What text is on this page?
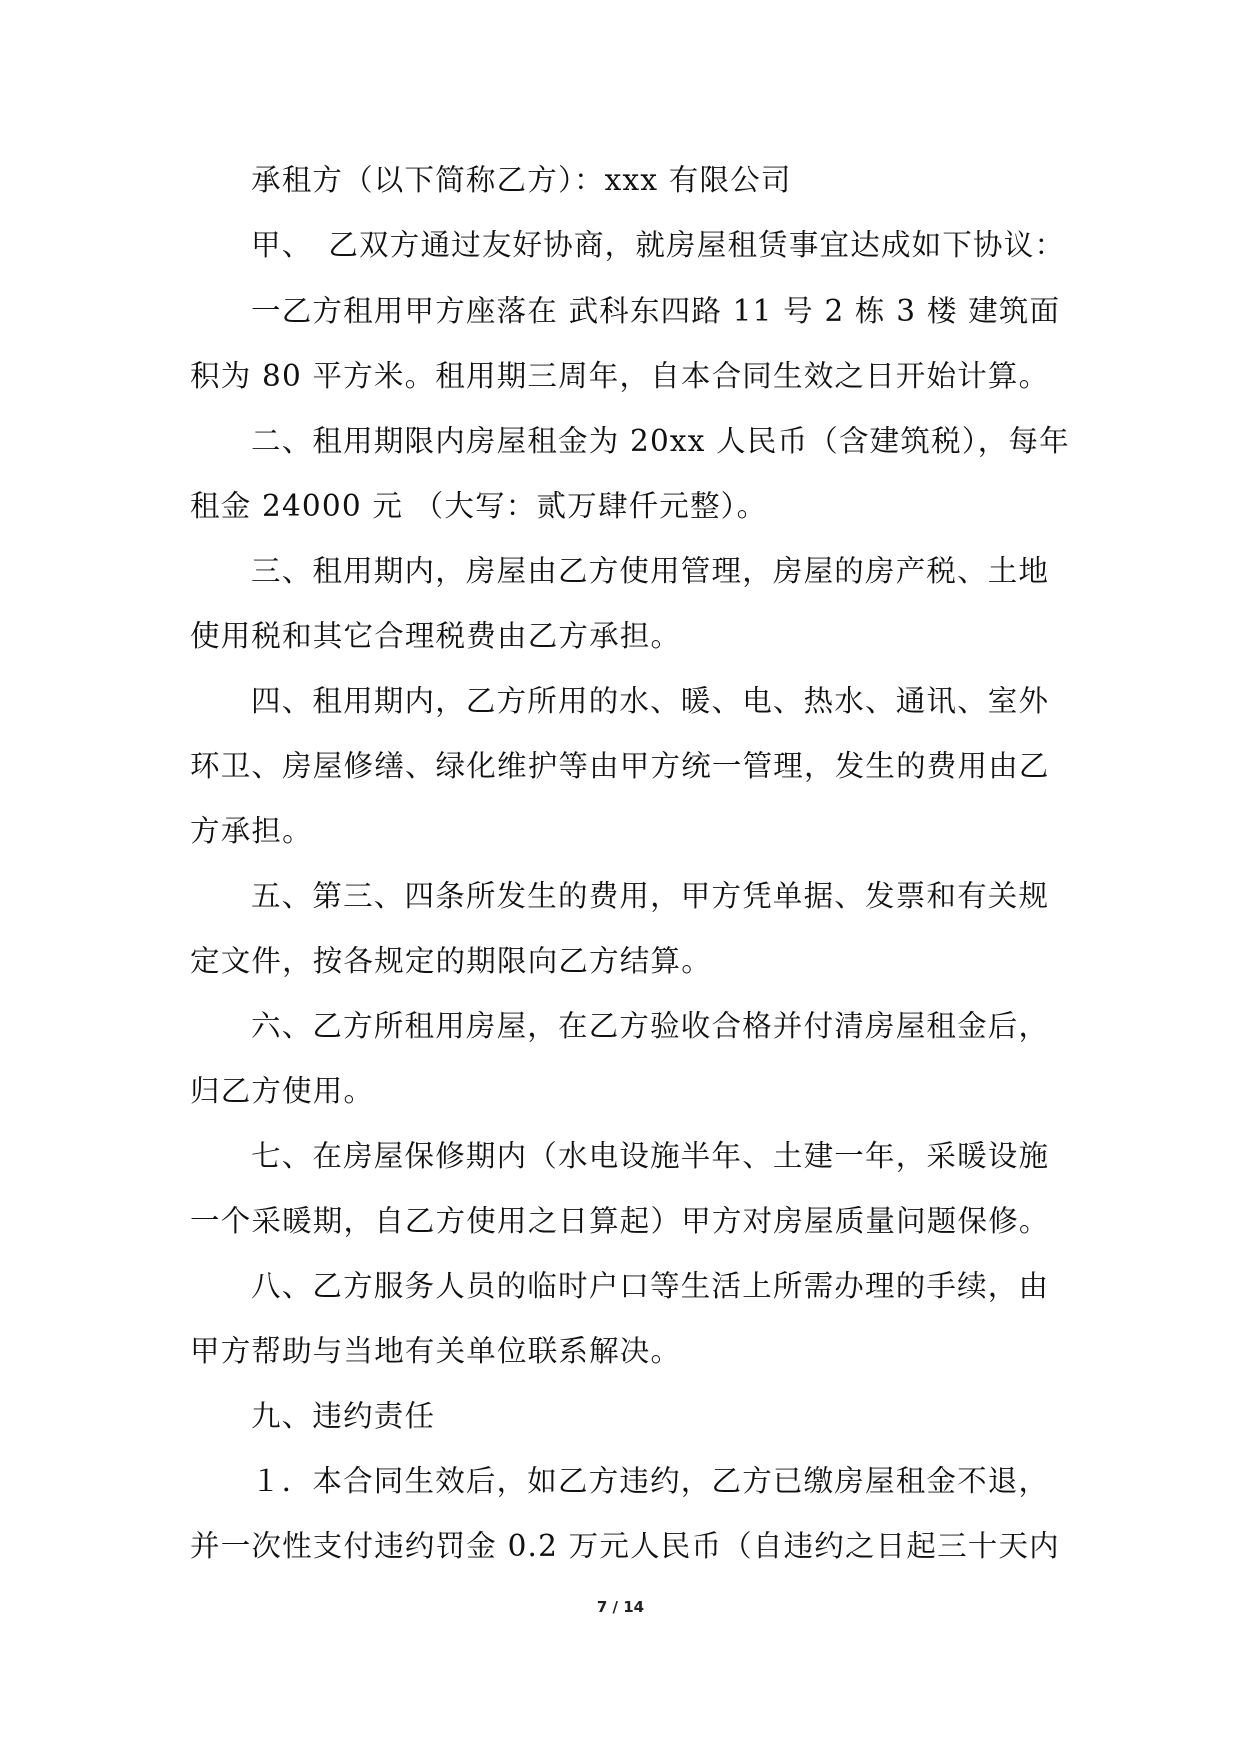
承租方（以下简称乙方）：xxx 有限公司
甲、　乙双方通过友好协商，就房屋租赁事宜达成如下协议：
一乙方租用甲方座落在 武科东四路 11 号 2 栋 3 楼 建筑面
积为 80 平方米。租用期三周年，自本合同生效之日开始计算。
二、租用期限内房屋租金为 20xx 人民币（含建筑税），每年
租金 24000 元 （大写：贰万肆仟元整）。
三、租用期内，房屋由乙方使用管理，房屋的房产税、土地
使用税和其它合理税费由乙方承担。
四、租用期内，乙方所用的水、暖、电、热水、通讯、室外
环卫、房屋修缮、绿化维护等由甲方统一管理，发生的费用由乙
方承担。
五、第三、四条所发生的费用，甲方凭单据、发票和有关规
定文件，按各规定的期限向乙方结算。
六、乙方所租用房屋，在乙方验收合格并付清房屋租金后，
归乙方使用。
七、在房屋保修期内（水电设施半年、土建一年，采暖设施
一个采暖期，自乙方使用之日算起）甲方对房屋质量问题保修。
八、乙方服务人员的临时户口等生活上所需办理的手续，由
甲方帮助与当地有关单位联系解决。
九、违约责任
１．本合同生效后，如乙方违约，乙方已缴房屋租金不退，
并一次性支付违约罚金 0.2 万元人民币（自违约之日起三十天内
7 / 14
